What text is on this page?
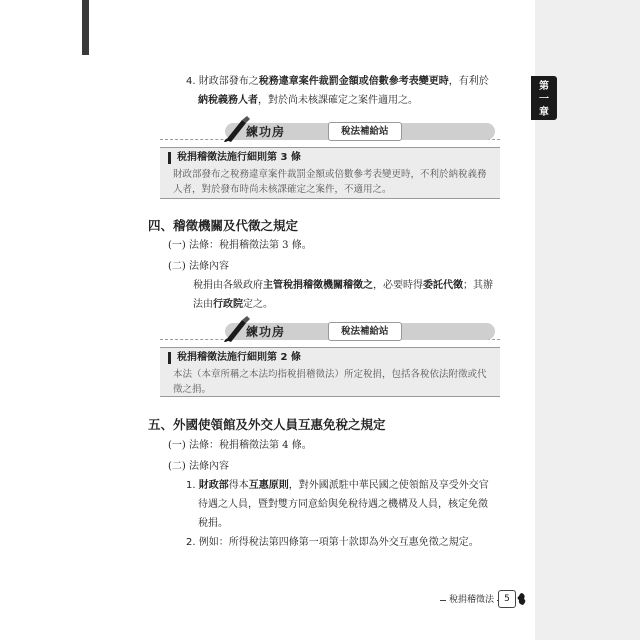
第
一
章
4. 財政部發布之稅務違章案件裁罰金額或倍數參考表變更時，有利於
納稅義務人者，對於尚未核課確定之案件適用之。
練功房	稅法補給站
稅捐稽徵法施行細則第 3 條
財政部發布之稅務違章案件裁罰金額或倍數參考表變更時，不利於納稅義務
人者，對於發布時尚未核課確定之案件，不適用之。
四、稽徵機關及代徵之規定
(一) 法條：稅捐稽徵法第 3 條。
(二) 法條內容
稅捐由各級政府主管稅捐稽徵機關稽徵之，必要時得委託代徵；其辦
法由行政院定之。
練功房	稅法補給站
稅捐稽徵法施行細則第 2 條
本法（本章所稱之本法均指稅捐稽徵法）所定稅捐，包括各稅依法附徵或代
徵之捐。
五、外國使領館及外交人員互惠免稅之規定
(一) 法條：稅捐稽徵法第 4 條。
(二) 法條內容
1. 財政部得本互惠原則，對外國派駐中華民國之使領館及享受外交官
待遇之人員，暨對雙方同意給與免稅待遇之機構及人員，核定免徵
稅捐。
2. 例如：所得稅法第四條第一項第十款即為外交互惠免徵之規定。
稅捐稽徵法	5
